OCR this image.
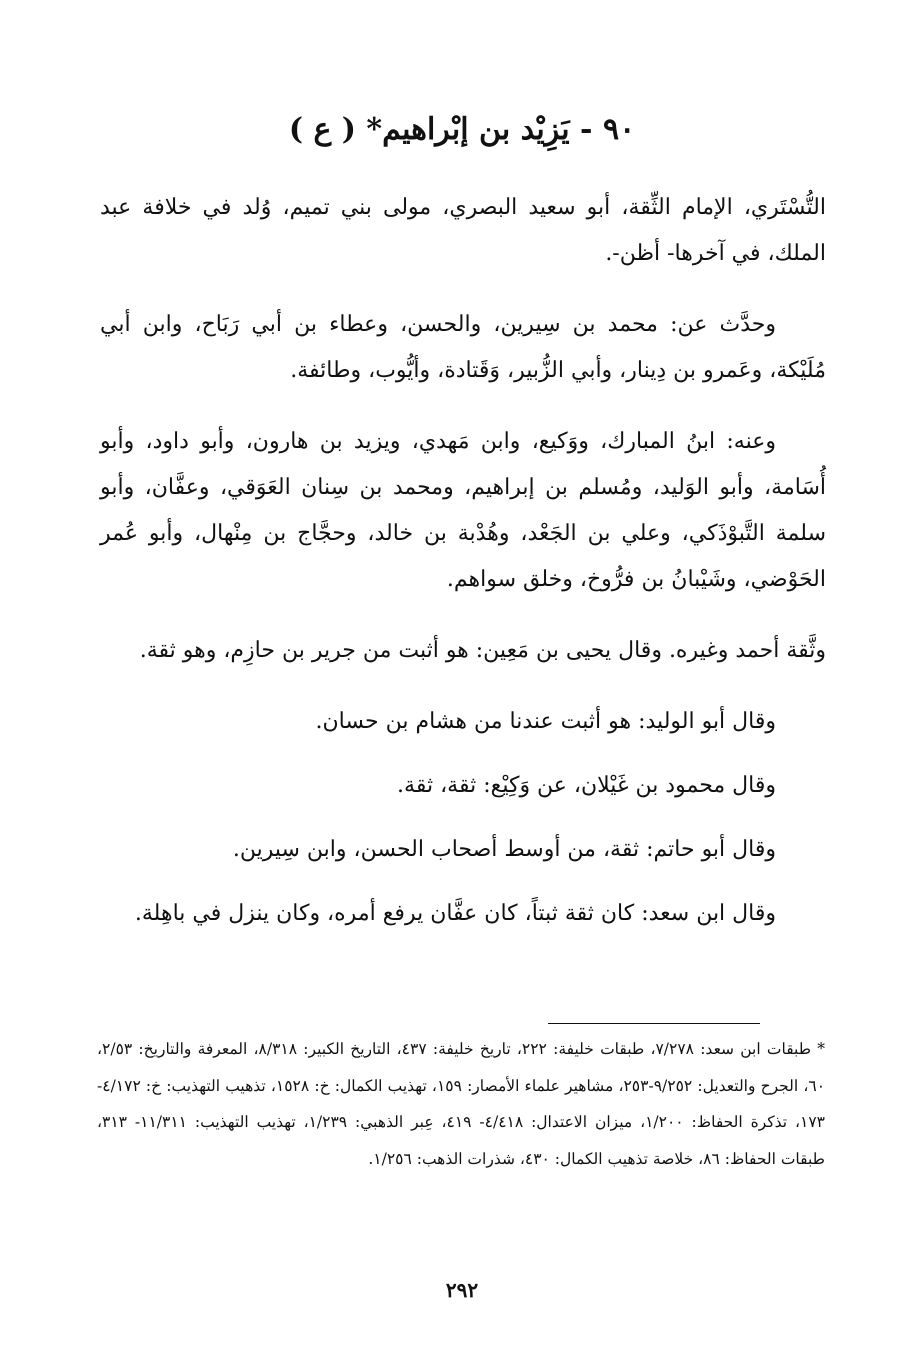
٩٠ - يَزِيْد بن إبْراهيم* ( ع )

التُّسْتَري، الإمام الثِّقة، أبو سعيد البصري، مولى بني تميم، وُلد في خلافة عبد الملك، في آخرها- أظن-.

وحدَّث عن: محمد بن سِيرين، والحسن، وعطاء بن أبي رَبَاح، وابن أبي مُلَيْكة، وعَمرو بن دِينار، وأبي الزُّبير، وَقَتادة، وأيُّوب، وطائفة.

وعنه: ابنُ المبارك، ووَكيع، وابن مَهدي، ويزيد بن هارون، وأبو داود، وأبو أُسَامة، وأبو الوَليد، ومُسلم بن إبراهيم، ومحمد بن سِنان العَوَقي، وعفَّان، وأبو سلمة التَّبوْذَكي، وعلي بن الجَعْد، وهُدْبة بن خالد، وحجَّاج بن مِنْهال، وأبو عُمر الحَوْضي، وشَيْبانُ بن فرُّوخ، وخلق سواهم.

وثَّقة أحمد وغيره. وقال يحيى بن مَعِين: هو أثبت من جرير بن حازِم، وهو ثقة.

وقال أبو الوليد: هو أثبت عندنا من هشام بن حسان.

وقال محمود بن غَيْلان، عن وَكِيْع: ثقة، ثقة.

وقال أبو حاتم: ثقة، من أوسط أصحاب الحسن، وابن سِيرين.

وقال ابن سعد: كان ثقة ثبتاً، كان عفَّان يرفع أمره، وكان ينزل في باهِلة.

* طبقات ابن سعد: ٧/٢٧٨، طبقات خليفة: ٢٢٢، تاريخ خليفة: ٤٣٧، التاريخ الكبير: ٨/٣١٨، المعرفة والتاريخ: ٢/٥٣، ٦٠، الجرح والتعديل: ٩/٢٥٢-٢٥٣، مشاهير علماء الأمصار: ١٥٩، تهذيب الكمال: خ: ١٥٢٨، تذهيب التهذيب: خ: ٤/١٧٢- ١٧٣، تذكرة الحفاظ: ١/٢٠٠، ميزان الاعتدال: ٤/٤١٨- ٤١٩، عِبر الذهبي: ١/٢٣٩، تهذيب التهذيب: ١١/٣١١- ٣١٣، طبقات الحفاظ: ٨٦، خلاصة تذهيب الكمال: ٤٣٠، شذرات الذهب: ١/٢٥٦.

٢٩٢
